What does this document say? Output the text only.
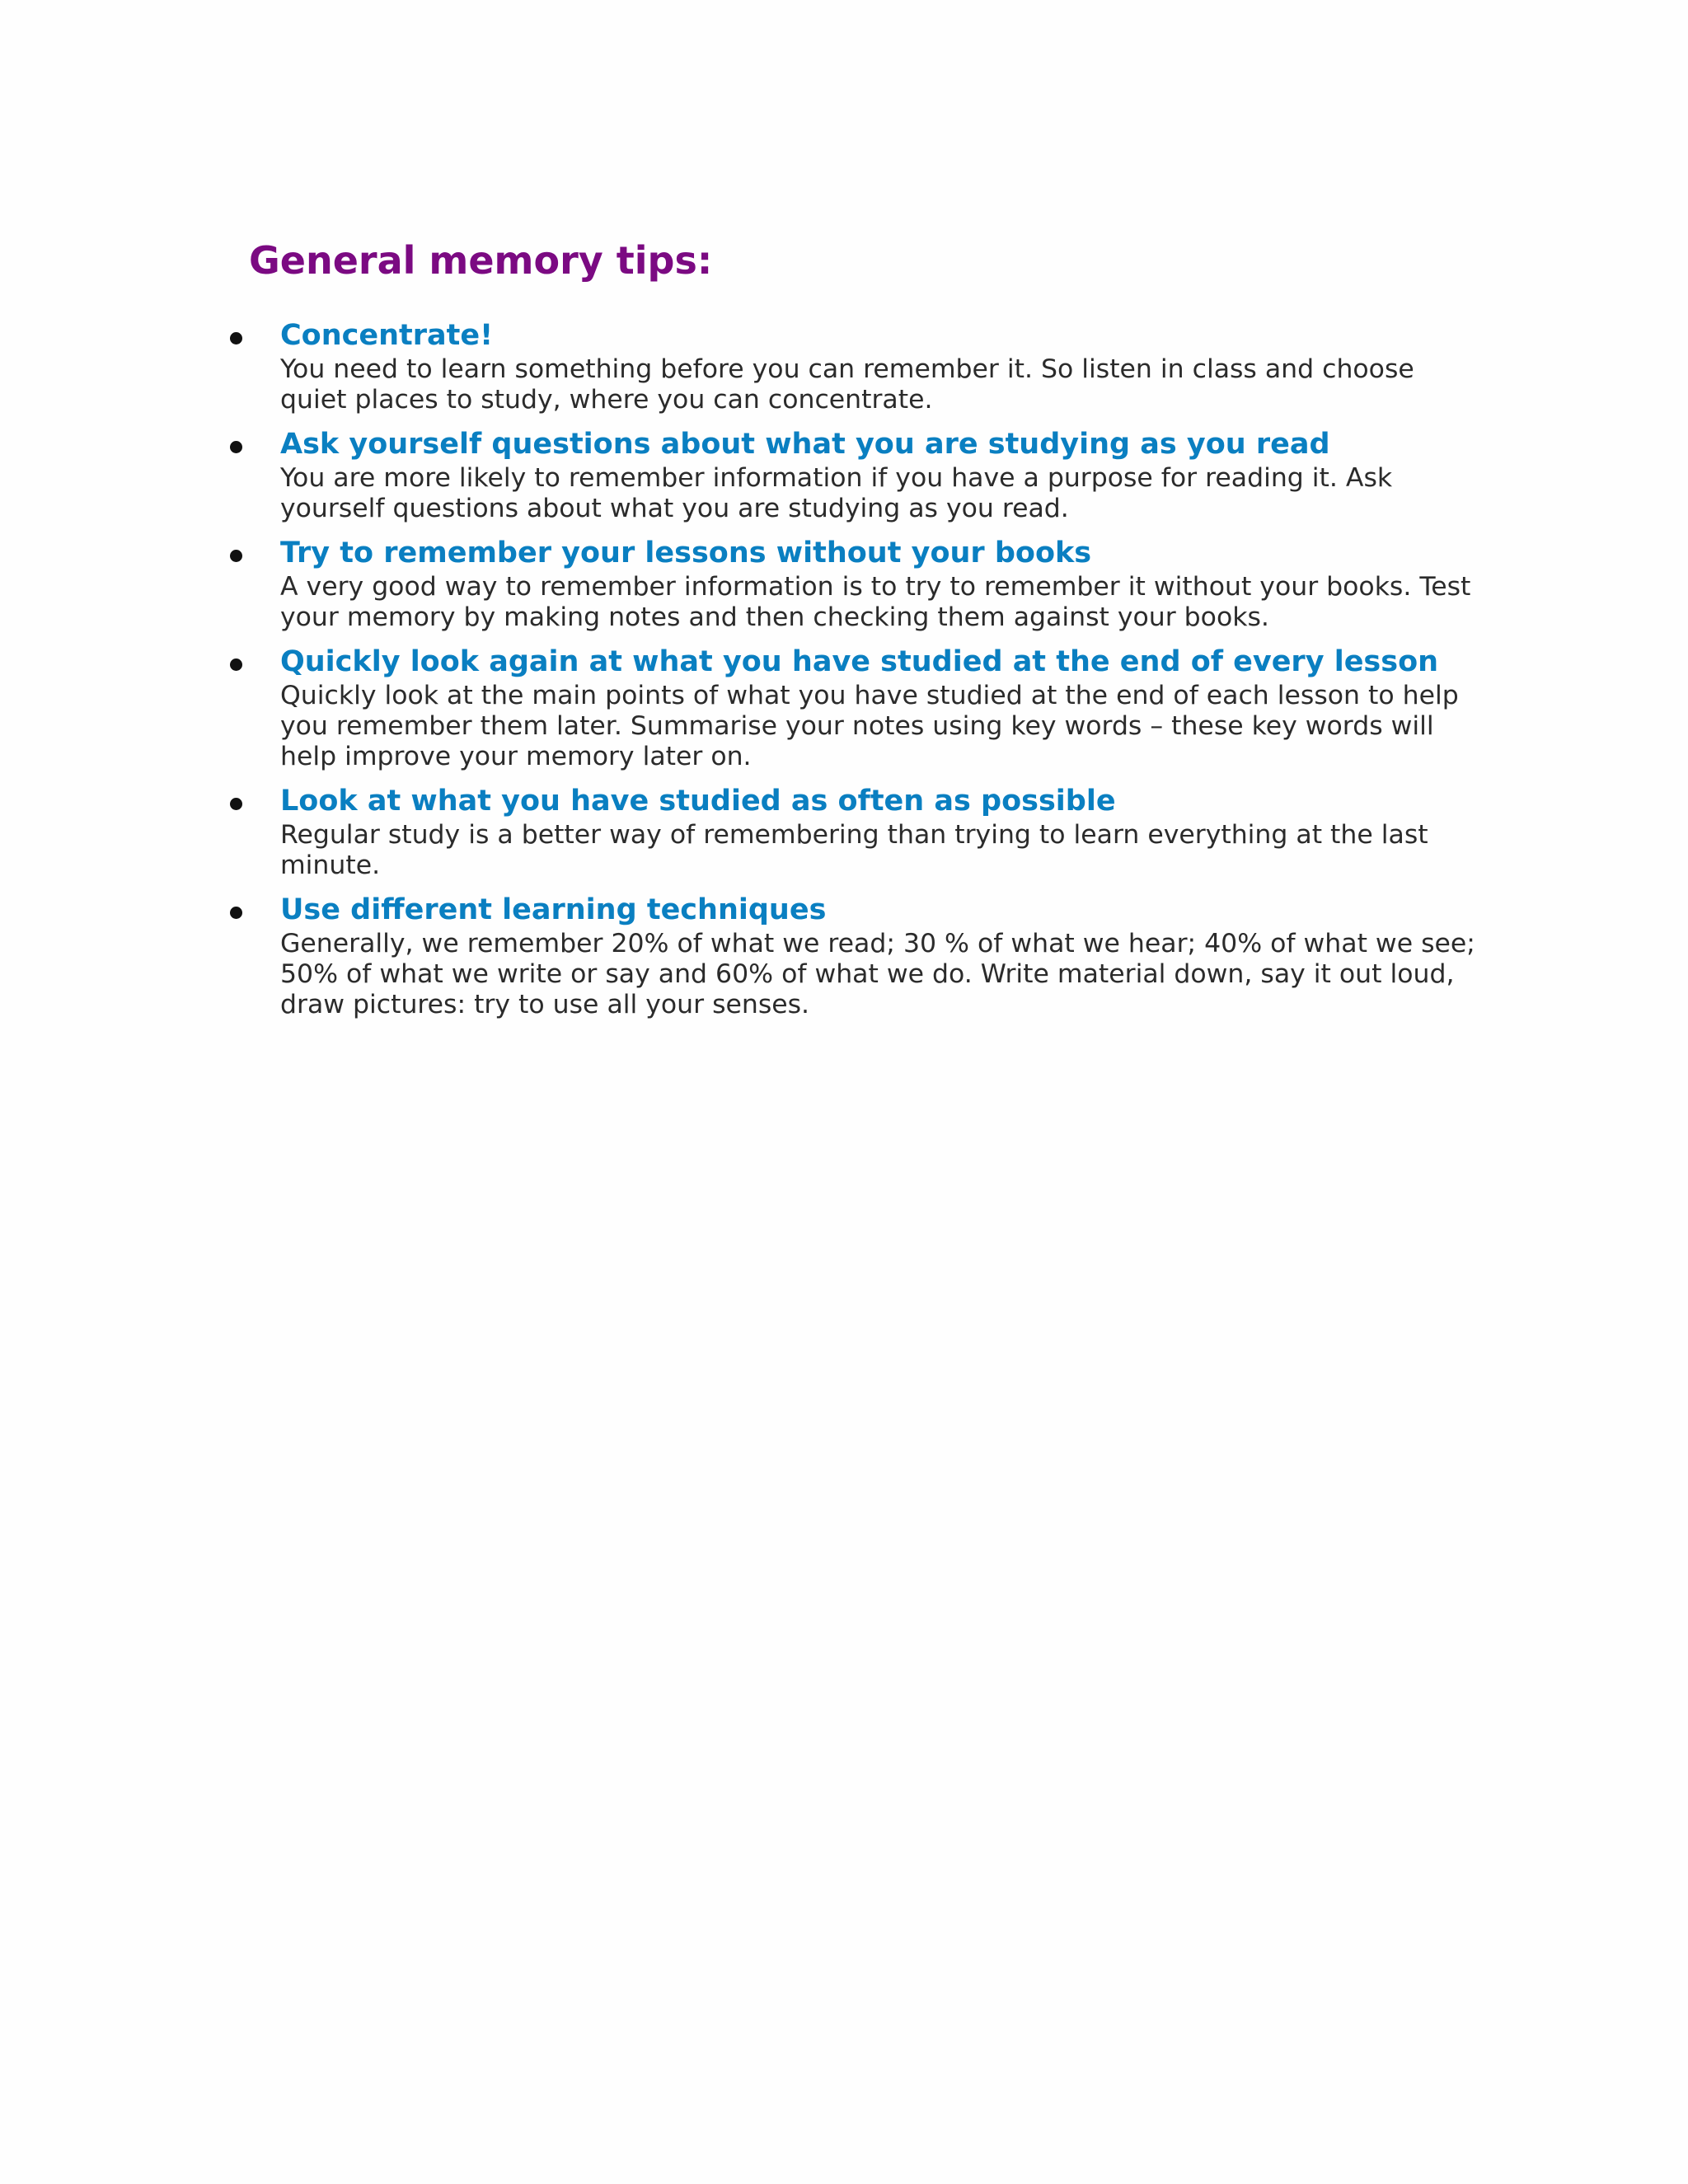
General memory tips:
Concentrate!
You need to learn something before you can remember it. So listen in class and choose quiet places to study, where you can concentrate.
Ask yourself questions about what you are studying as you read
You are more likely to remember information if you have a purpose for reading it. Ask yourself questions about what you are studying as you read.
Try to remember your lessons without your books
A very good way to remember information is to try to remember it without your books. Test your memory by making notes and then checking them against your books.
Quickly look again at what you have studied at the end of every lesson
Quickly look at the main points of what you have studied at the end of each lesson to help you remember them later. Summarise your notes using key words – these key words will help improve your memory later on.
Look at what you have studied as often as possible
Regular study is a better way of remembering than trying to learn everything at the last minute.
Use different learning techniques
Generally, we remember 20% of what we read; 30 % of what we hear; 40% of what we see; 50% of what we write or say and 60% of what we do. Write material down, say it out loud, draw pictures: try to use all your senses.
